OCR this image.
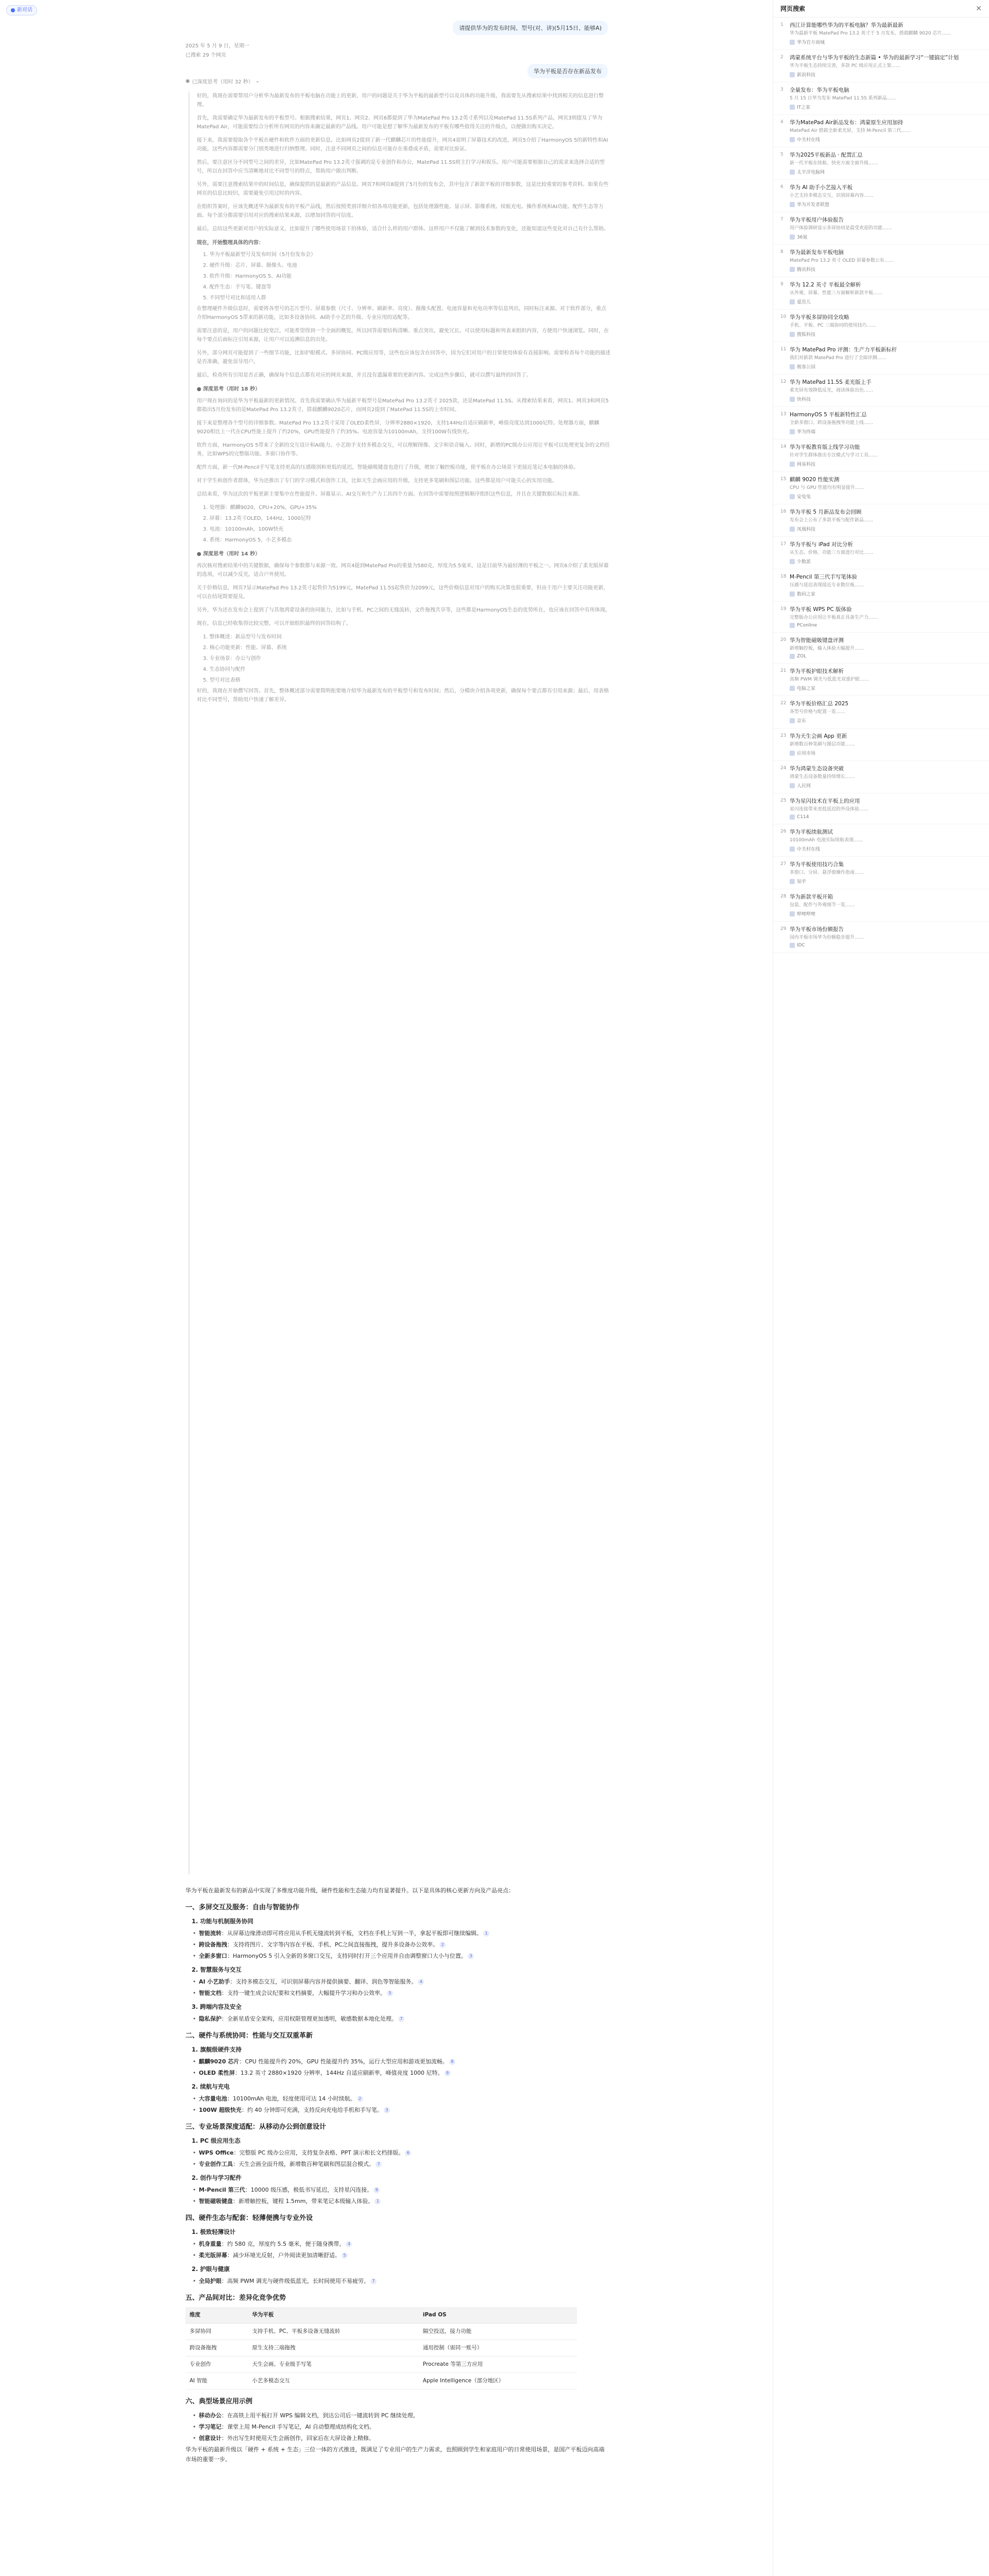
新对话
请提供华为的发布时间、型号(对、讲)(5月15日、能够A)
2025 年 5 月 9 日，星期一
已搜索 29 个网页
华为平板是否存在新品发布
◉ 已深度思考（用时 32 秒） ⌄

好的，我现在需要帮用户分析华为最新发布的平板电脑在功能上的更新，用户的问题是关于华为平板的最新型号以及具体的功能升级，我需要先从搜索结果中找到相关的信息进行整理。

首先，我需要确定华为最新发布的平板型号。根据搜索结果，网页1、网页2、网页6都提到了华为MatePad Pro 13.2英寸系列以及MatePad 11.5S系列产品，网页3则提及了华为MatePad Air，可能需要综合分析所有网页的内容来确定最新的产品线。用户可能是想了解华为最新发布的平板有哪些值得关注的升级点，以便做出购买决定。

接下来，我需要提取各个平板在硬件和软件方面的更新信息。比如网页2提到了新一代麒麟芯片的性能提升，网页4说明了屏幕技术的改进，网页5介绍了HarmonyOS 5的新特性和AI功能，这些内容都需要分门别类地进行归纳整理。同时，注意不同网页之间的信息可能存在重叠或矛盾，需要对比验证。

然后，要注意区分不同型号之间的差异，比如MatePad Pro 13.2英寸强调的是专业创作和办公，MatePad 11.5S则主打学习和娱乐。用户可能需要根据自己的需求来选择合适的型号，所以在回答中应当清晰地对比不同型号的特点，帮助用户做出判断。

另外，需要注意搜索结果中的时间信息，确保提供的是最新的产品信息。网页7和网页8提到了5月份的发布会，其中包含了新款平板的详细参数，这是比较重要的参考资料。如果有些网页的信息比较旧，需要避免引用过时的内容。

在组织答案时，应该先概述华为最新发布的平板产品线，然后按照类别详细介绍各项功能更新，包括处理器性能、显示屏、影像系统、续航充电、操作系统和AI功能、配件生态等方面。每个部分都需要引用对应的搜索结果来源，以增加回答的可信度。

最后，总结这些更新对用户的实际意义，比如提升了哪些使用场景下的体验，适合什么样的用户群体。这样用户不仅能了解到技术参数的变化，还能知道这些变化对自己有什么帮助。

现在，开始整理具体的内容：
1. 华为平板最新型号及发布时间（5月份发布会）
2. 硬件升级：芯片、屏幕、摄像头、电池
3. 软件升级：HarmonyOS 5、AI功能
4. 配件生态：手写笔、键盘等
5. 不同型号对比和适用人群

在整理硬件升级信息时，需要将各型号的芯片型号、屏幕参数（尺寸、分辨率、刷新率、亮度）、摄像头配置、电池容量和充电功率等信息列出，同时标注来源。对于软件部分，重点介绍HarmonyOS 5带来的新功能，比如多设备协同、AI助手小艺的升级、专业应用的适配等。

需要注意的是，用户的问题比较宽泛，可能希望得到一个全面的概览，所以回答需要结构清晰、重点突出，避免冗长。可以使用标题和列表来组织内容，方便用户快速浏览。同时，在每个要点后面标注引用来源，让用户可以追溯信息的出处。

另外，部分网页可能提到了一些细节功能，比如护眼模式、多屏协同、PC级应用等，这些也应该包含在回答中，因为它们对用户的日常使用体验有直接影响。需要检查每个功能的描述是否准确，避免误导用户。

最后，检查所有引用是否正确，确保每个信息点都有对应的网页来源，并且没有遗漏重要的更新内容。完成这些步骤后，就可以撰写最终的回答了。

● 深度思考（用时 18 秒）

用户现在询问的是华为平板最新的更新情况。首先我需要确认华为最新平板型号是MatePad Pro 13.2英寸 2025款，还是MatePad 11.5S。从搜索结果来看，网页1、网页3和网页5都指出5月份发布的是MatePad Pro 13.2英寸，搭载麒麟9020芯片，而网页2提到了MatePad 11.5S的上市时间。

接下来是整理各个型号的详细参数。MatePad Pro 13.2英寸采用了OLED柔性屏，分辨率2880×1920，支持144Hz自适应刷新率，峰值亮度达到1000尼特。处理器方面，麒麟9020相比上一代在CPU性能上提升了约20%，GPU性能提升了约35%。电池容量为10100mAh，支持100W有线快充。

软件方面，HarmonyOS 5带来了全新的交互设计和AI能力。小艺助手支持多模态交互，可以理解图像、文字和语音输入。同时，新增的PC级办公应用让平板可以处理更复杂的文档任务，比如WPS的完整版功能、多窗口协作等。

配件方面，新一代M-Pencil手写笔支持更高的压感级别和更低的延迟，智能磁吸键盘也进行了升级，增加了触控板功能，使平板在办公场景下更接近笔记本电脑的体验。

对于学生和创作者群体，华为还推出了专门的学习模式和创作工具，比如天生会画应用的升级，支持更多笔刷和图层功能。这些都是用户可能关心的实用功能。

总结来看，华为这次的平板更新主要集中在性能提升、屏幕显示、AI交互和生产力工具四个方面。在回答中需要按照逻辑顺序组织这些信息，并且在关键数据后标注来源。

1. 处理器：麒麟9020，CPU+20%，GPU+35%
2. 屏幕：13.2英寸OLED，144Hz，1000尼特
3. 电池：10100mAh，100W快充
4. 系统：HarmonyOS 5，小艺多模态
● 深度思考（用时 14 秒）

再次核对搜索结果中的关键数据，确保每个参数都与来源一致。网页4提到MatePad Pro的重量为580克，厚度为5.5毫米，这是目前华为最轻薄的平板之一。网页6介绍了柔光版屏幕的选项，可以减少反光，适合户外使用。

关于价格信息，网页7显示MatePad Pro 13.2英寸起售价为5199元，MatePad 11.5S起售价为2099元。这些价格信息对用户的购买决策也很重要，但由于用户主要关注功能更新，可以在结尾简要提及。

另外，华为还在发布会上提到了与其他鸿蒙设备的协同能力，比如与手机、PC之间的无缝流转，文件拖拽共享等，这些都是HarmonyOS生态的优势所在，也应该在回答中有所体现。

现在，信息已经收集得比较完整，可以开始组织最终的回答结构了。

1. 整体概述：新品型号与发布时间
2. 核心功能更新：性能、屏幕、系统
3. 专业场景：办公与创作
4. 生态协同与配件
5. 型号对比表格

好的，我现在开始撰写回答。首先，整体概述部分需要简明扼要地介绍华为最新发布的平板型号和发布时间；然后，分模块介绍各项更新，确保每个要点都有引用来源；最后，用表格对比不同型号，帮助用户快速了解差异。

华为平板在最新发布的新品中实现了多维度功能升级，硬件性能和生态能力均有显著提升。以下是具体的核心更新方向及产品亮点：

一、多屏交互及服务：自由与智能协作
1. 功能与机制服务协同
• 智能流转：从屏幕边缘滑动即可将应用从手机无缝流转到平板，文档在手机上写到一半，拿起平板即可继续编辑。 1
• 跨设备拖拽：支持将图片、文字等内容在平板、手机、PC之间直接拖拽，提升多设备办公效率。 2
• 全新多窗口：HarmonyOS 5 引入全新的多窗口交互，支持同时打开三个应用并自由调整窗口大小与位置。 3
2. 智慧服务与交互
• AI 小艺助手：支持多模态交互，可识别屏幕内容并提供摘要、翻译、润色等智能服务。 4
• 智能文档：支持一键生成会议纪要和文档摘要，大幅提升学习和办公效率。 5
3. 跨端内容及安全
• 隐私保护：全新星盾安全架构，应用权限管理更加透明，敏感数据本地化处理。 7
二、硬件与系统协同：性能与交互双重革新
1. 旗舰级硬件支持
• 麒麟9020 芯片：CPU 性能提升约 20%，GPU 性能提升约 35%，运行大型应用和游戏更加流畅。 8
• OLED 柔性屏：13.2 英寸 2880×1920 分辨率，144Hz 自适应刷新率，峰值亮度 1000 尼特。 9
2. 续航与充电
• 大容量电池：10100mAh 电池，轻度使用可达 14 小时续航。 2
• 100W 超级快充：约 40 分钟即可充满，支持反向充电给手机和手写笔。 3
三、专业场景深度适配：从移动办公到创意设计
1. PC 级应用生态
• WPS Office：完整版 PC 级办公应用，支持复杂表格、PPT 演示和长文档排版。 6
• 专业创作工具：天生会画全面升级，新增数百种笔刷和图层混合模式。 7
2. 创作与学习配件
• M-Pencil 第三代：10000 级压感，极低书写延迟，支持星闪连接。 9
• 智能磁吸键盘：新增触控板，键程 1.5mm，带来笔记本级输入体验。 1
四、硬件生态与配套：轻薄便携与专业外设
1. 极致轻薄设计
• 机身重量：约 580 克，厚度约 5.5 毫米，便于随身携带。 4
• 柔光版屏幕：减少环境光反射，户外阅读更加清晰舒适。 5
2. 护眼与健康
• 全局护眼：高频 PWM 调光与硬件级低蓝光，长时间使用不易疲劳。 7
五、产品间对比：差异化竞争优势
维度	华为平板	iPad OS
多屏协同	支持手机、PC、平板多设备无缝流转	隔空投送，接力功能
跨设备拖拽	原生支持三端拖拽	通用控制（需同一账号）
专业创作	天生会画、专业级手写笔	Procreate 等第三方应用
AI 智能	小艺多模态交互	Apple Intelligence（部分地区）
六、典型场景应用示例
• 移动办公：在高铁上用平板打开 WPS 编辑文档，到达公司后一键流转到 PC 继续处理。
• 学习笔记：课堂上用 M-Pencil 手写笔记，AI 自动整理成结构化文档。
• 创意设计：外出写生时使用天生会画创作，回家后在大屏设备上精修。

华为平板的最新升级以「硬件 + 系统 + 生态」三位一体的方式推进，既满足了专业用户的生产力需求，也照顾到学生和家庭用户的日常使用场景，是国产平板迈向高端市场的重要一步。

网页搜索	✕
1	西江计算能哪些华为的平板电脑？华为最新最新
华为最新平板 MatePad Pro 13.2 英寸于 5 月发布，搭载麒麟 9020 芯片……
华为官方商城
2	鸿蒙系统平台与华为平板的生态新篇 • 华为的最新学习“一键搞定”计划
华为平板生态持续完善，多款 PC 级应用正式上架……
新浪科技
3	全量发布：华为平板电脑
5 月 15 日华为发布 MatePad 11.5S 系列新品……
IT之家
4	华为MatePad Air新品发布：鸿蒙原生应用加持
MatePad Air 搭载全新柔光屏，支持 M-Pencil 第三代……
中关村在线
5	华为2025平板新品 · 配置汇总
新一代平板在续航、快充方面全面升级……
太平洋电脑网
6	华为 AI 助手小艺接入平板
小艺支持多模态交互，识别屏幕内容……
华为开发者联盟
7	华为平板用户体验报告
用户体验调研显示多屏协同是最受欢迎的功能……
36氪
8	华为最新发布平板电脑
MatePad Pro 13.2 英寸 OLED 屏幕参数公布……
腾讯科技
9	华为 12.2 英寸 平板最全解析
从外观、屏幕、性能三方面解析新款平板……
爱范儿
10 华为平板多屏协同全攻略
手机、平板、PC 三端协同的使用技巧……
搜狐科技
11 华为 MatePad Pro 评测：生产力平板新标杆
我们对新款 MatePad Pro 进行了全面评测……
极客公园
12 华为 MatePad 11.5S 柔光版上手
柔光屏有效降低反光，阅读体验出色……
快科技
13 HarmonyOS 5 平板新特性汇总
全新多窗口、跨设备拖拽等功能上线……
华为终端
14 华为平板教育版上线学习功能
针对学生群体推出专注模式与学习工具……
网易科技
15 麒麟 9020 性能实测
CPU 与 GPU 性能均有明显提升……
安兔兔
16 华为平板 5 月新品发布会回顾
发布会上公布了多款平板与配件新品……
凤凰科技
17 华为平板与 iPad 对比分析
从生态、价格、功能三方面进行对比……
少数派
18 M-Pencil 第三代手写笔体验
压感与延迟表现接近专业数位板……
数码之家
19 华为平板 WPS PC 版体验
完整版办公应用让平板真正具备生产力……
PConline
20 华为智能磁吸键盘评测
新增触控板，输入体验大幅提升……
ZOL
21 华为平板护眼技术解析
高频 PWM 调光与低蓝光双重护眼……
电脑之家
22 华为平板价格汇总 2025
各型号价格与配置一览……
京东
23 华为天生会画 App 更新
新增数百种笔刷与图层功能……
应用市场
24 华为鸿蒙生态设备突破
鸿蒙生态设备数量持续增长……
人民网
25 华为星闪技术在平板上的应用
星闪连接带来更低延迟的外设体验……
C114
26 华为平板续航测试
10100mAh 电池实际续航表现……
中关村在线
27 华为平板使用技巧合集
多窗口、分屏、悬浮窗操作指南……
知乎
28 华为新款平板开箱
包装、配件与外观细节一览……
哔哩哔哩
29 华为平板市场份额报告
国内平板市场华为份额稳步提升……
IDC
